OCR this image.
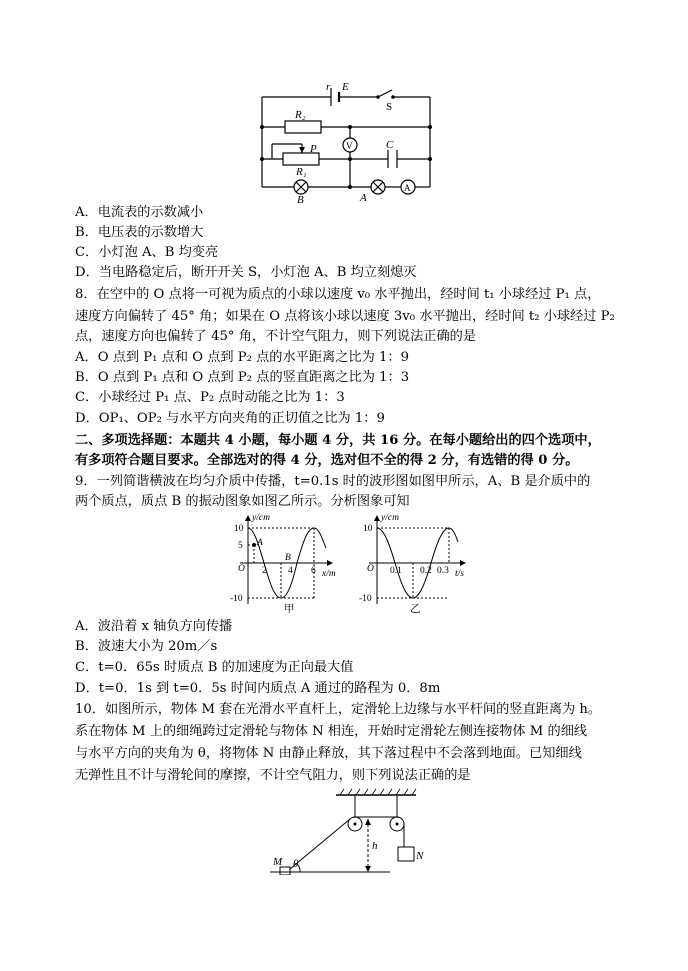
r E
S
R₂
P
R₁
C
V
A
A
B
A．电流表的示数减小
B．电压表的示数增大
C．小灯泡 A、B 均变亮
D．当电路稳定后，断开开关 S，小灯泡 A、B 均立刻熄灭
8．在空中的 O 点将一可视为质点的小球以速度 v₀ 水平抛出，经时间 t₁ 小球经过 P₁ 点，
速度方向偏转了 45° 角；如果在 O 点将该小球以速度 3v₀ 水平抛出，经时间 t₂ 小球经过 P₂
点，速度方向也偏转了 45° 角，不计空气阻力，则下列说法正确的是
A．O 点到 P₁ 点和 O 点到 P₂ 点的水平距离之比为 1：9
B．O 点到 P₁ 点和 O 点到 P₂ 点的竖直距离之比为 1：3
C．小球经过 P₁ 点、P₂ 点时动能之比为 1：3
D．OP₁、OP₂ 与水平方向夹角的正切值之比为 1：9
二、多项选择题：本题共 4 小题，每小题 4 分，共 16 分。在每小题给出的四个选项中，
有多项符合题目要求。全部选对的得 4 分，选对但不全的得 2 分，有选错的得 0 分。
9．一列简谐横波在均匀介质中传播，t=0.1s 时的波形图如图甲所示，A、B 是介质中的
两个质点，质点 B 的振动图象如图乙所示。分析图象可知
y/cm
x/m
10
5
O
-10
2 4 6
A
B
y/cm
t/s
10
O
-10
0.1 0.2 0.3
甲	乙
A．波沿着 x 轴负方向传播
B．波速大小为 20m／s
C．t=0．65s 时质点 B 的加速度为正向最大值
D．t=0．1s 到 t=0．5s 时间内质点 A 通过的路程为 0．8m
10．如图所示，物体 M 套在光滑水平直杆上，定滑轮上边缘与水平杆间的竖直距离为 h。
系在物体 M 上的细绳跨过定滑轮与物体 N 相连，开始时定滑轮左侧连接物体 M 的细线
与水平方向的夹角为 θ，将物体 N 由静止释放，其下落过程中不会落到地面。已知细线
无弹性且不计与滑轮间的摩擦，不计空气阻力，则下列说法正确的是
M θ
h
N
